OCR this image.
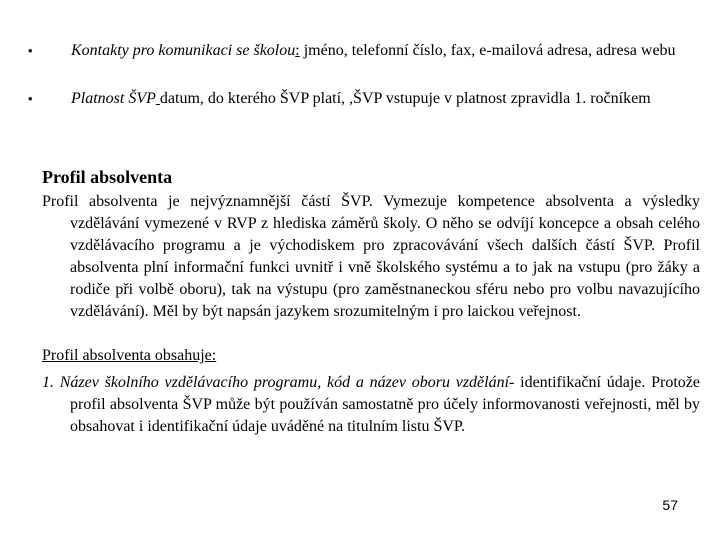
• Kontakty pro komunikaci se školou: jméno, telefonní číslo, fax, e-mailová adresa, adresa webu
• Platnost ŠVP datum, do kterého ŠVP platí, ,ŠVP vstupuje v platnost zpravidla 1. ročníkem
Profil absolventa
Profil absolventa je nejvýznamnější částí ŠVP. Vymezuje kompetence absolventa a výsledky vzdělávání vymezené v RVP z hlediska záměrů školy. O něho se odvíjí koncepce a obsah celého vzdělávacího programu a je východiskem pro zpracovávání všech dalších částí ŠVP. Profil absolventa plní informační funkci uvnitř i vně školského systému a to jak na vstupu (pro žáky a rodiče při volbě oboru), tak na výstupu (pro zaměstnaneckou sféru nebo pro volbu navazujícího vzdělávání). Měl by být napsán jazykem srozumitelným i pro laickou veřejnost.
Profil absolventa obsahuje:
1. Název školního vzdělávacího programu, kód a název oboru vzdělání- identifikační údaje. Protože profil absolventa ŠVP může být používán samostatně pro účely informovanosti veřejnosti, měl by obsahovat i identifikační údaje uváděné na titulním listu ŠVP.
57
